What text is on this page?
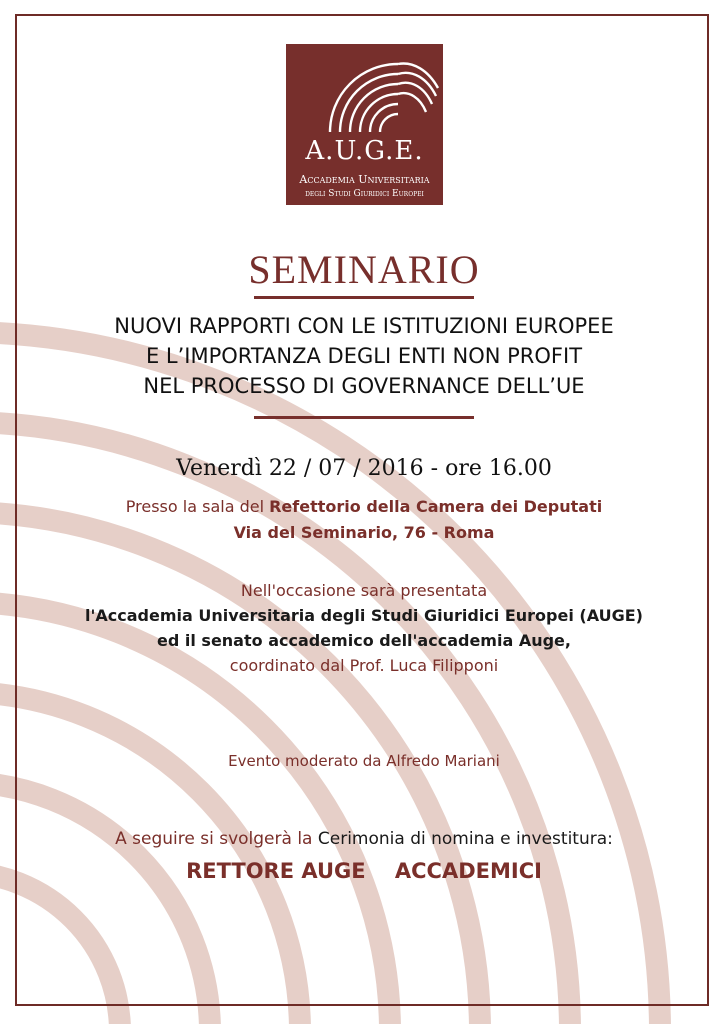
A.U.G.E.
Accademia Universitaria
degli Studi Giuridici Europei
SEMINARIO
NUOVI RAPPORTI CON LE ISTITUZIONI EUROPEE
E L’IMPORTANZA DEGLI ENTI NON PROFIT
NEL PROCESSO DI GOVERNANCE DELL’UE
Venerdì 22 / 07 / 2016 - ore 16.00
Presso la sala del Refettorio della Camera dei Deputati
Via del Seminario, 76 - Roma
Nell'occasione sarà presentata
l'Accademia Universitaria degli Studi Giuridici Europei (AUGE)
ed il senato accademico dell'accademia Auge,
coordinato dal Prof. Luca Filipponi
Evento moderato da Alfredo Mariani
A seguire si svolgerà la Cerimonia di nomina e investitura:
RETTORE AUGE    ACCADEMICI
